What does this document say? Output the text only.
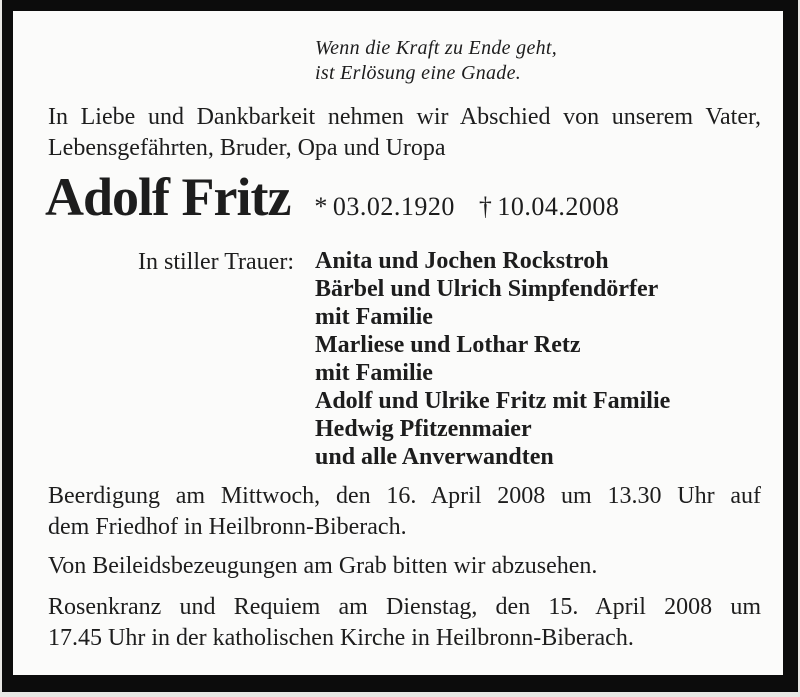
Wenn die Kraft zu Ende geht,
ist Erlösung eine Gnade.
In Liebe und Dankbarkeit nehmen wir Abschied von unserem Vater,
Lebensgefährten, Bruder, Opa und Uropa
Adolf Fritz * 03.02.1920 † 10.04.2008
In stiller Trauer: Anita und Jochen Rockstroh
Bärbel und Ulrich Simpfendörfer
mit Familie
Marliese und Lothar Retz
mit Familie
Adolf und Ulrike Fritz mit Familie
Hedwig Pfitzenmaier
und alle Anverwandten
Beerdigung am Mittwoch, den 16. April 2008 um 13.30 Uhr auf
dem Friedhof in Heilbronn-Biberach.
Von Beileidsbezeugungen am Grab bitten wir abzusehen.
Rosenkranz und Requiem am Dienstag, den 15. April 2008 um
17.45 Uhr in der katholischen Kirche in Heilbronn-Biberach.
